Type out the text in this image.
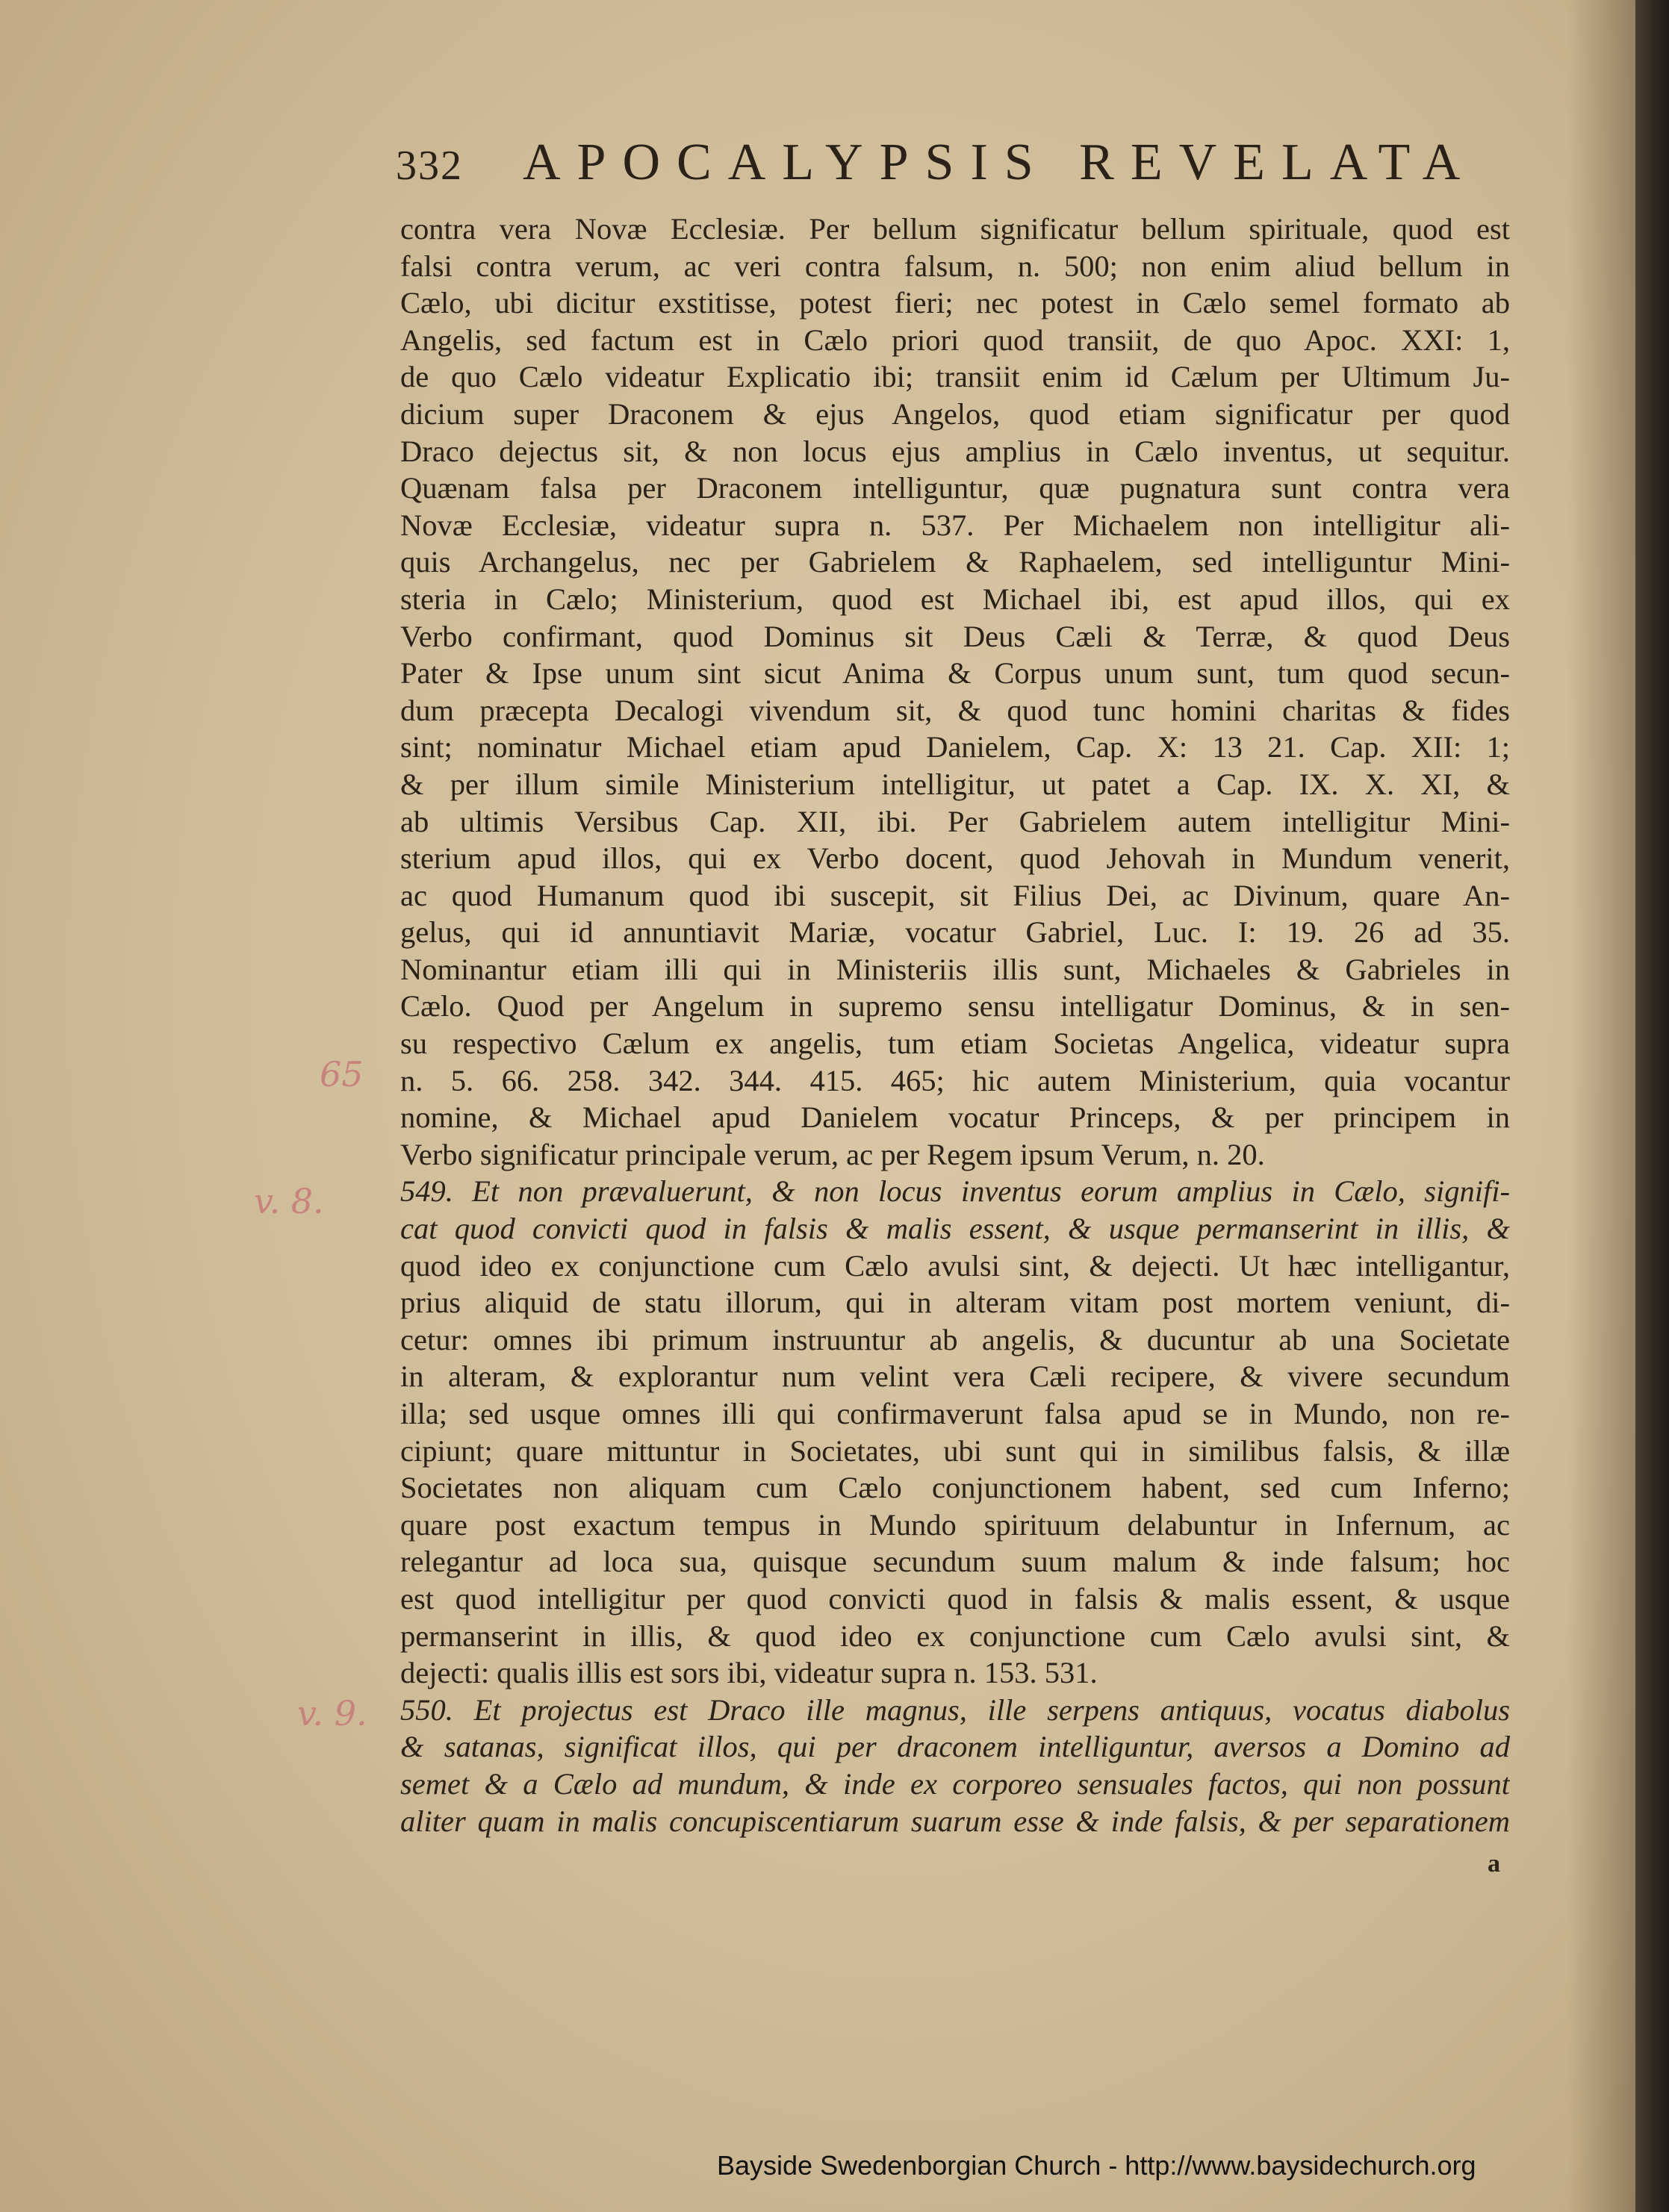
332 APOCALYPSIS REVELATA
contra vera Novæ Ecclesiæ. Per bellum significatur bellum spirituale, quod est
falsi contra verum, ac veri contra falsum, n. 500; non enim aliud bellum in
Cælo, ubi dicitur exstitisse, potest fieri; nec potest in Cælo semel formato ab
Angelis, sed factum est in Cælo priori quod transiit, de quo Apoc. XXI: 1,
de quo Cælo videatur Explicatio ibi; transiit enim id Cælum per Ultimum Ju-
dicium super Draconem & ejus Angelos, quod etiam significatur per quod
Draco dejectus sit, & non locus ejus amplius in Cælo inventus, ut sequitur.
Quænam falsa per Draconem intelliguntur, quæ pugnatura sunt contra vera
Novæ Ecclesiæ, videatur supra n. 537. Per Michaelem non intelligitur ali-
quis Archangelus, nec per Gabrielem & Raphaelem, sed intelliguntur Mini-
steria in Cælo; Ministerium, quod est Michael ibi, est apud illos, qui ex
Verbo confirmant, quod Dominus sit Deus Cæli & Terræ, & quod Deus
Pater & Ipse unum sint sicut Anima & Corpus unum sunt, tum quod secun-
dum præcepta Decalogi vivendum sit, & quod tunc homini charitas & fides
sint; nominatur Michael etiam apud Danielem, Cap. X: 13 21. Cap. XII: 1;
& per illum simile Ministerium intelligitur, ut patet a Cap. IX. X. XI, &
ab ultimis Versibus Cap. XII, ibi. Per Gabrielem autem intelligitur Mini-
sterium apud illos, qui ex Verbo docent, quod Jehovah in Mundum venerit,
ac quod Humanum quod ibi suscepit, sit Filius Dei, ac Divinum, quare An-
gelus, qui id annuntiavit Mariæ, vocatur Gabriel, Luc. I: 19. 26 ad 35.
Nominantur etiam illi qui in Ministeriis illis sunt, Michaeles & Gabrieles in
Cælo. Quod per Angelum in supremo sensu intelligatur Dominus, & in sen-
su respectivo Cælum ex angelis, tum etiam Societas Angelica, videatur supra
n. 5. 66. 258. 342. 344. 415. 465; hic autem Ministerium, quia vocantur
nomine, & Michael apud Danielem vocatur Princeps, & per principem in
Verbo significatur principale verum, ac per Regem ipsum Verum, n. 20.
549. Et non prævaluerunt, & non locus inventus eorum amplius in Cælo, signifi-
cat quod convicti quod in falsis & malis essent, & usque permanserint in illis, &
quod ideo ex conjunctione cum Cælo avulsi sint, & dejecti. Ut hæc intelligantur,
prius aliquid de statu illorum, qui in alteram vitam post mortem veniunt, di-
cetur: omnes ibi primum instruuntur ab angelis, & ducuntur ab una Societate
in alteram, & explorantur num velint vera Cæli recipere, & vivere secundum
illa; sed usque omnes illi qui confirmaverunt falsa apud se in Mundo, non re-
cipiunt; quare mittuntur in Societates, ubi sunt qui in similibus falsis, & illæ
Societates non aliquam cum Cælo conjunctionem habent, sed cum Inferno;
quare post exactum tempus in Mundo spirituum delabuntur in Infernum, ac
relegantur ad loca sua, quisque secundum suum malum & inde falsum; hoc
est quod intelligitur per quod convicti quod in falsis & malis essent, & usque
permanserint in illis, & quod ideo ex conjunctione cum Cælo avulsi sint, &
dejecti: qualis illis est sors ibi, videatur supra n. 153. 531.
550. Et projectus est Draco ille magnus, ille serpens antiquus, vocatus diabolus
& satanas, significat illos, qui per draconem intelliguntur, aversos a Domino ad
semet & a Cælo ad mundum, & inde ex corporeo sensuales factos, qui non possunt
aliter quam in malis concupiscentiarum suarum esse & inde falsis, & per separationem
65
v. 8.
v. 9.
a
Bayside Swedenborgian Church - http://www.baysidechurch.org
